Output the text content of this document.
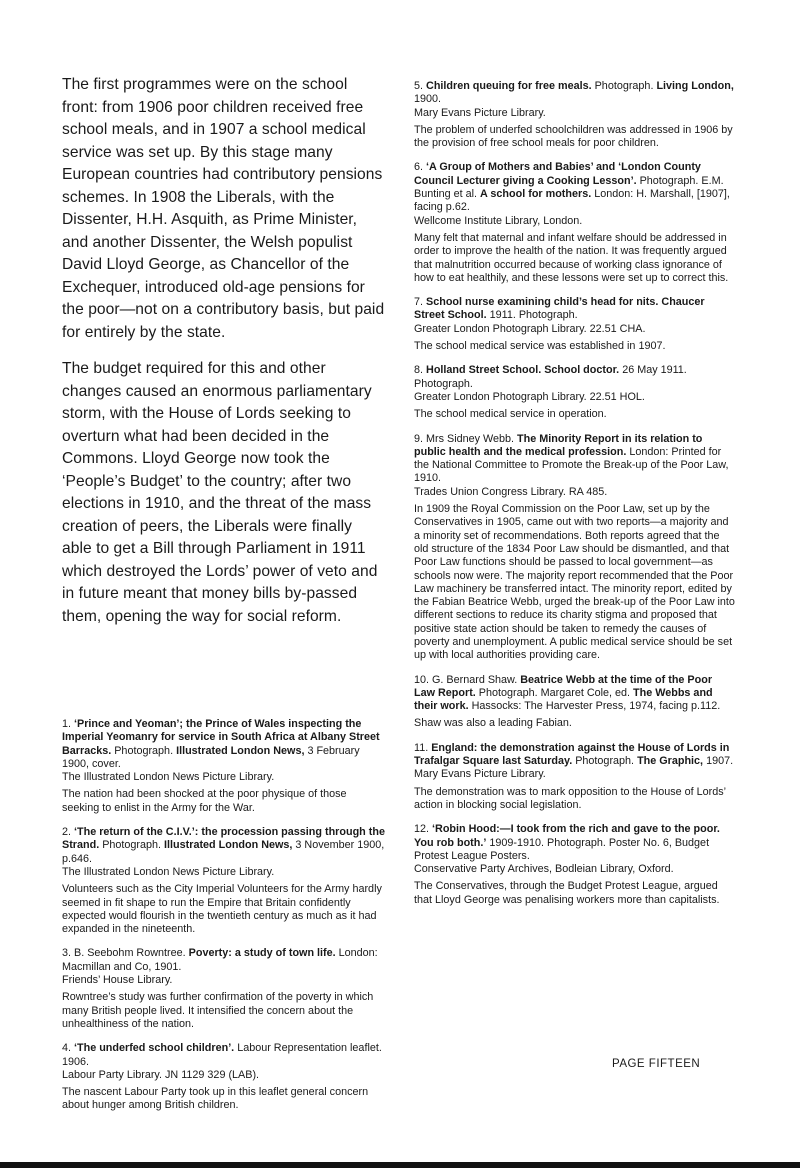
The first programmes were on the school front: from 1906 poor children received free school meals, and in 1907 a school medical service was set up. By this stage many European countries had contributory pensions schemes. In 1908 the Liberals, with the Dissenter, H.H. Asquith, as Prime Minister, and another Dissenter, the Welsh populist David Lloyd George, as Chancellor of the Exchequer, introduced old-age pensions for the poor—not on a contributory basis, but paid for entirely by the state.

The budget required for this and other changes caused an enormous parliamentary storm, with the House of Lords seeking to overturn what had been decided in the Commons. Lloyd George now took the ‘People’s Budget’ to the country; after two elections in 1910, and the threat of the mass creation of peers, the Liberals were finally able to get a Bill through Parliament in 1911 which destroyed the Lords’ power of veto and in future meant that money bills by-passed them, opening the way for social reform.

1. ‘Prince and Yeoman’; the Prince of Wales inspecting the Imperial Yeomanry for service in South Africa at Albany Street Barracks. Photograph. Illustrated London News, 3 February 1900, cover.

The Illustrated London News Picture Library.

The nation had been shocked at the poor physique of those seeking to enlist in the Army for the War.

2. ‘The return of the C.I.V.’: the procession passing through the Strand. Photograph. Illustrated London News, 3 November 1900, p.646.

The Illustrated London News Picture Library.

Volunteers such as the City Imperial Volunteers for the Army hardly seemed in fit shape to run the Empire that Britain confidently expected would flourish in the twentieth century as much as it had expanded in the nineteenth.

3. B. Seebohm Rowntree. Poverty: a study of town life. London: Macmillan and Co, 1901.

Friends’ House Library.

Rowntree’s study was further confirmation of the poverty in which many British people lived. It intensified the concern about the unhealthiness of the nation.

4. ‘The underfed school children’. Labour Representation leaflet. 1906.

Labour Party Library. JN 1129 329 (LAB).

The nascent Labour Party took up in this leaflet general concern about hunger among British children.

5. Children queuing for free meals. Photograph. Living London, 1900.

Mary Evans Picture Library.

The problem of underfed schoolchildren was addressed in 1906 by the provision of free school meals for poor children.

6. ‘A Group of Mothers and Babies’ and ‘London County Council Lecturer giving a Cooking Lesson’. Photograph. E.M. Bunting et al. A school for mothers. London: H. Marshall, [1907], facing p.62.

Wellcome Institute Library, London.

Many felt that maternal and infant welfare should be addressed in order to improve the health of the nation. It was frequently argued that malnutrition occurred because of working class ignorance of how to eat healthily, and these lessons were set up to correct this.

7. School nurse examining child’s head for nits. Chaucer Street School. 1911. Photograph.

Greater London Photograph Library. 22.51 CHA.

The school medical service was established in 1907.

8. Holland Street School. School doctor. 26 May 1911. Photograph.

Greater London Photograph Library. 22.51 HOL.

The school medical service in operation.

9. Mrs Sidney Webb. The Minority Report in its relation to public health and the medical profession. London: Printed for the National Committee to Promote the Break-up of the Poor Law, 1910.

Trades Union Congress Library. RA 485.

In 1909 the Royal Commission on the Poor Law, set up by the Conservatives in 1905, came out with two reports—a majority and a minority set of recommendations. Both reports agreed that the old structure of the 1834 Poor Law should be dismantled, and that Poor Law functions should be passed to local government—as schools now were. The majority report recommended that the Poor Law machinery be transferred intact. The minority report, edited by the Fabian Beatrice Webb, urged the break-up of the Poor Law into different sections to reduce its charity stigma and proposed that positive state action should be taken to remedy the causes of poverty and unemployment. A public medical service should be set up with local authorities providing care.

10. G. Bernard Shaw. Beatrice Webb at the time of the Poor Law Report. Photograph. Margaret Cole, ed. The Webbs and their work. Hassocks: The Harvester Press, 1974, facing p.112.

Shaw was also a leading Fabian.

11. England: the demonstration against the House of Lords in Trafalgar Square last Saturday. Photograph. The Graphic, 1907.

Mary Evans Picture Library.

The demonstration was to mark opposition to the House of Lords’ action in blocking social legislation.

12. ‘Robin Hood:—I took from the rich and gave to the poor. You rob both.’ 1909-1910. Photograph. Poster No. 6, Budget Protest League Posters.

Conservative Party Archives, Bodleian Library, Oxford.

The Conservatives, through the Budget Protest League, argued that Lloyd George was penalising workers more than capitalists.

PAGE FIFTEEN
